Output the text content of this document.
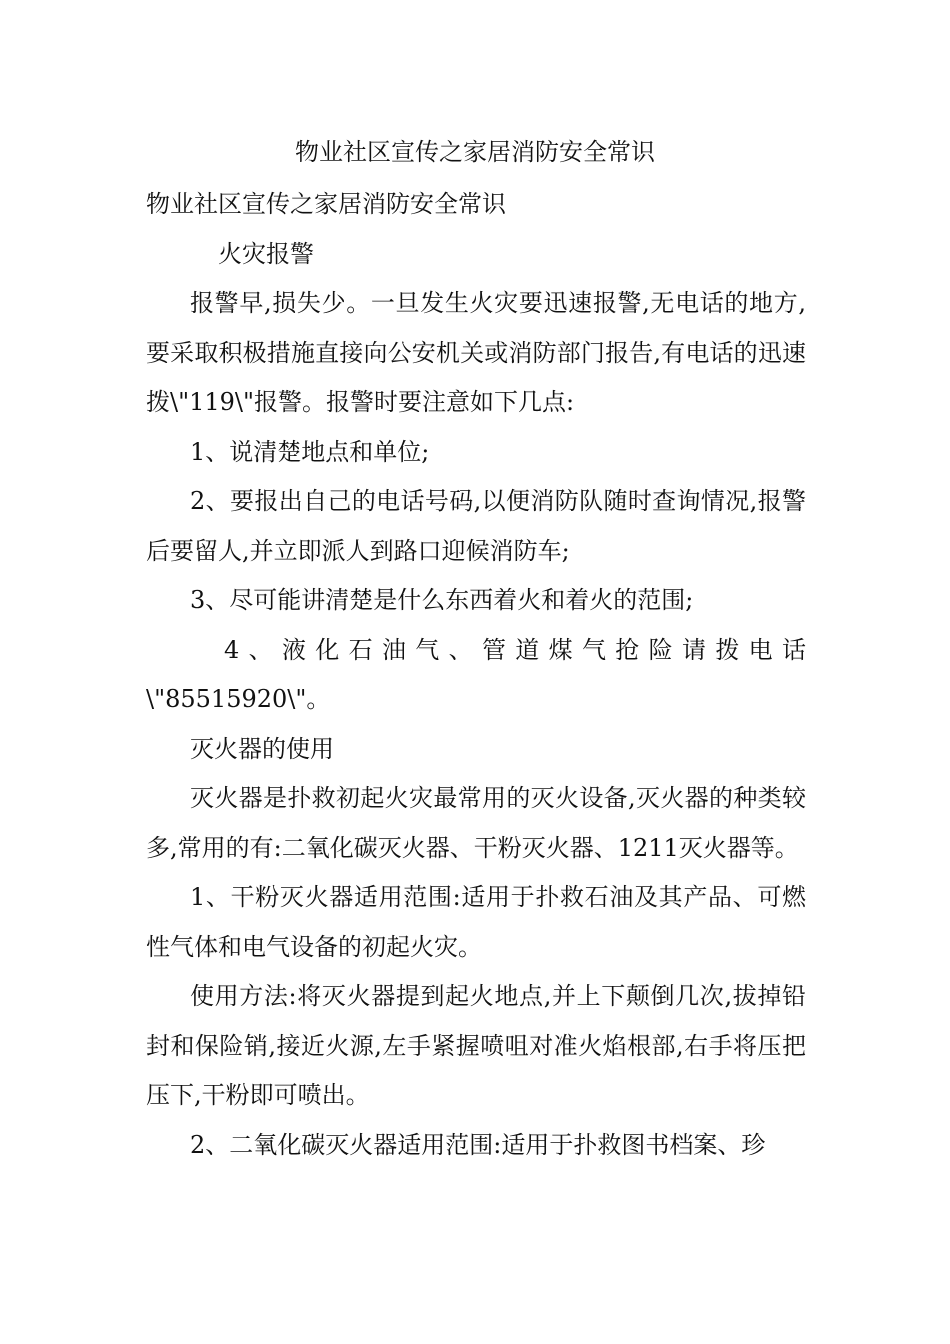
物业社区宣传之家居消防安全常识

物业社区宣传之家居消防安全常识

火灾报警

报警早,损失少。一旦发生火灾要迅速报警,无电话的地方,要采取积极措施直接向公安机关或消防部门报告,有电话的迅速拨\"119\"报警。报警时要注意如下几点:

1、说清楚地点和单位;

2、要报出自己的电话号码,以便消防队随时查询情况,报警后要留人,并立即派人到路口迎候消防车;

3、尽可能讲清楚是什么东西着火和着火的范围;

4、液化石油气、管道煤气抢险请拨电话\"85515920\"。

灭火器的使用

灭火器是扑救初起火灾最常用的灭火设备,灭火器的种类较多,常用的有:二氧化碳灭火器、干粉灭火器、1211灭火器等。

1、干粉灭火器适用范围:适用于扑救石油及其产品、可燃性气体和电气设备的初起火灾。

使用方法:将灭火器提到起火地点,并上下颠倒几次,拔掉铅封和保险销,接近火源,左手紧握喷咀对准火焰根部,右手将压把压下,干粉即可喷出。

2、二氧化碳灭火器适用范围:适用于扑救图书档案、珍
